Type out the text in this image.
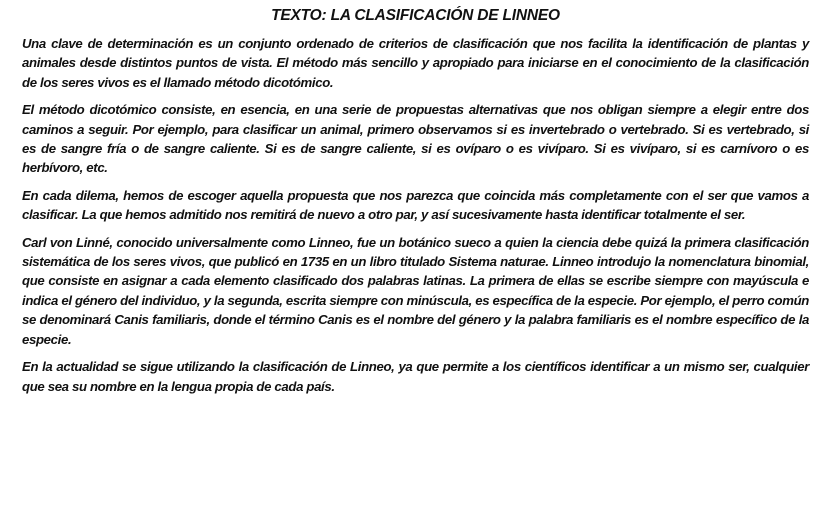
TEXTO: LA CLASIFICACIÓN DE LINNEO

Una clave de determinación es un conjunto ordenado de criterios de clasificación que nos facilita la identificación de plantas y animales desde distintos puntos de vista. El método más sencillo y apropiado para iniciarse en el conocimiento de la clasificación de los seres vivos es el llamado método dicotómico.

El método dicotómico consiste, en esencia, en una serie de propuestas alternativas que nos obligan siempre a elegir entre dos caminos a seguir. Por ejemplo, para clasificar un animal, primero observamos si es invertebrado o vertebrado. Si es vertebrado, si es de sangre fría o de sangre caliente. Si es de sangre caliente, si es ovíparo o es vivíparo. Si es vivíparo, si es carnívoro o es herbívoro, etc.

En cada dilema, hemos de escoger aquella propuesta que nos parezca que coincida más completamente con el ser que vamos a clasificar. La que hemos admitido nos remitirá de nuevo a otro par, y así sucesivamente hasta identificar totalmente el ser.

Carl von Linné, conocido universalmente como Linneo, fue un botánico sueco a quien la ciencia debe quizá la primera clasificación sistemática de los seres vivos, que publicó en 1735 en un libro titulado Sistema naturae. Linneo introdujo la nomenclatura binomial, que consiste en asignar a cada elemento clasificado dos palabras latinas. La primera de ellas se escribe siempre con mayúscula e indica el género del individuo, y la segunda, escrita siempre con minúscula, es específica de la especie. Por ejemplo, el perro común se denominará Canis familiaris, donde el término Canis es el nombre del género y la palabra familiaris es el nombre específico de la especie.

En la actualidad se sigue utilizando la clasificación de Linneo, ya que permite a los científicos identificar a un mismo ser, cualquier que sea su nombre en la lengua propia de cada país.
